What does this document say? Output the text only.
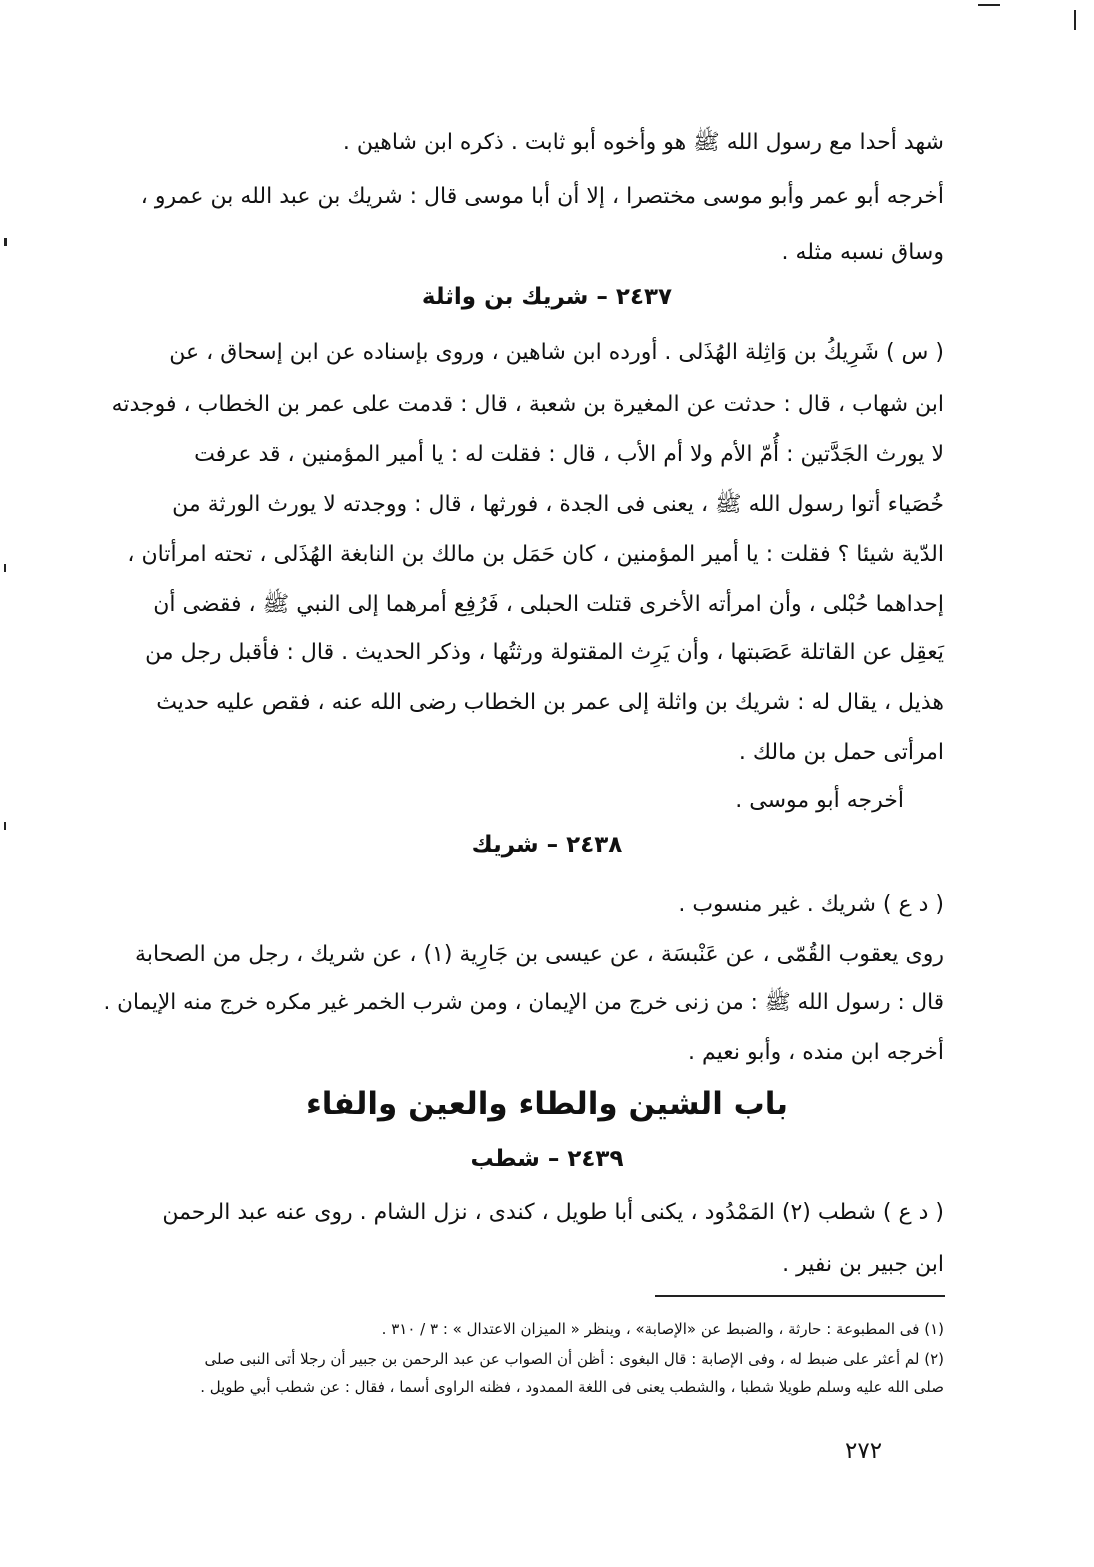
شهد أحدا مع رسول الله ﷺ هو وأخوه أبو ثابت . ذكره ابن شاهين .
أخرجه أبو عمر وأبو موسى مختصرا ، إلا أن أبا موسى قال : شريك بن عبد الله بن عمرو ،
وساق نسبه مثله .
٢٤٣٧ – شريك بن واثلة
( س ) شَرِيكُ بن وَاثِلة الهُذَلى . أورده ابن شاهين ، وروى بإسناده عن ابن إسحاق ، عن
ابن شهاب ، قال : حدثت عن المغيرة بن شعبة ، قال : قدمت على عمر بن الخطاب ، فوجدته
لا يورث الجَدَّتين : أُمّ الأم ولا أم الأب ، قال : فقلت له : يا أمير المؤمنين ، قد عرفت
خُصَياء أتوا رسول الله ﷺ ، يعنى فى الجدة ، فورثها ، قال : ووجدته لا يورث الورثة من
الدّية شيئا ؟ فقلت : يا أمير المؤمنين ، كان حَمَل بن مالك بن النابغة الهُذَلى ، تحته امرأتان ،
إحداهما حُبْلى ، وأن امرأته الأخرى قتلت الحبلى ، فَرُفِع أمرهما إلى النبي ﷺ ، فقضى أن
يَعقِل عن القاتلة عَصَبتها ، وأن يَرِث المقتولة ورثتُها ، وذكر الحديث . قال : فأقبل رجل من
هذيل ، يقال له : شريك بن واثلة إلى عمر بن الخطاب رضى الله عنه ، فقص عليه حديث
امرأتى حمل بن مالك .
أخرجه أبو موسى .
٢٤٣٨ – شريك
( د ع ) شريك . غير منسوب .
روى يعقوب القُمّى ، عن عَنْبسَة ، عن عيسى بن جَارِية (١) ، عن شريك ، رجل من الصحابة
قال : رسول الله ﷺ : من زنى خرج من الإيمان ، ومن شرب الخمر غير مكره خرج منه الإيمان .
أخرجه ابن منده ، وأبو نعيم .
باب الشين والطاء والعين والفاء
٢٤٣٩ – شطب
( د ع ) شطب (٢) المَمْدُود ، يكنى أبا طويل ، كندى ، نزل الشام . روى عنه عبد الرحمن
ابن جبير بن نفير .
(١) فى المطبوعة : حارثة ، والضبط عن «الإصابة» ، وينظر « الميزان الاعتدال » : ٣ / ٣١٠ .
(٢) لم أعثر على ضبط له ، وفى الإصابة : قال البغوى : أظن أن الصواب عن عبد الرحمن بن جبير أن رجلا أتى النبى صلى
صلى الله عليه وسلم طويلا شطبا ، والشطب يعنى فى اللغة الممدود ، فظنه الراوى أسما ، فقال : عن شطب أبي طويل .
٢٧٢
